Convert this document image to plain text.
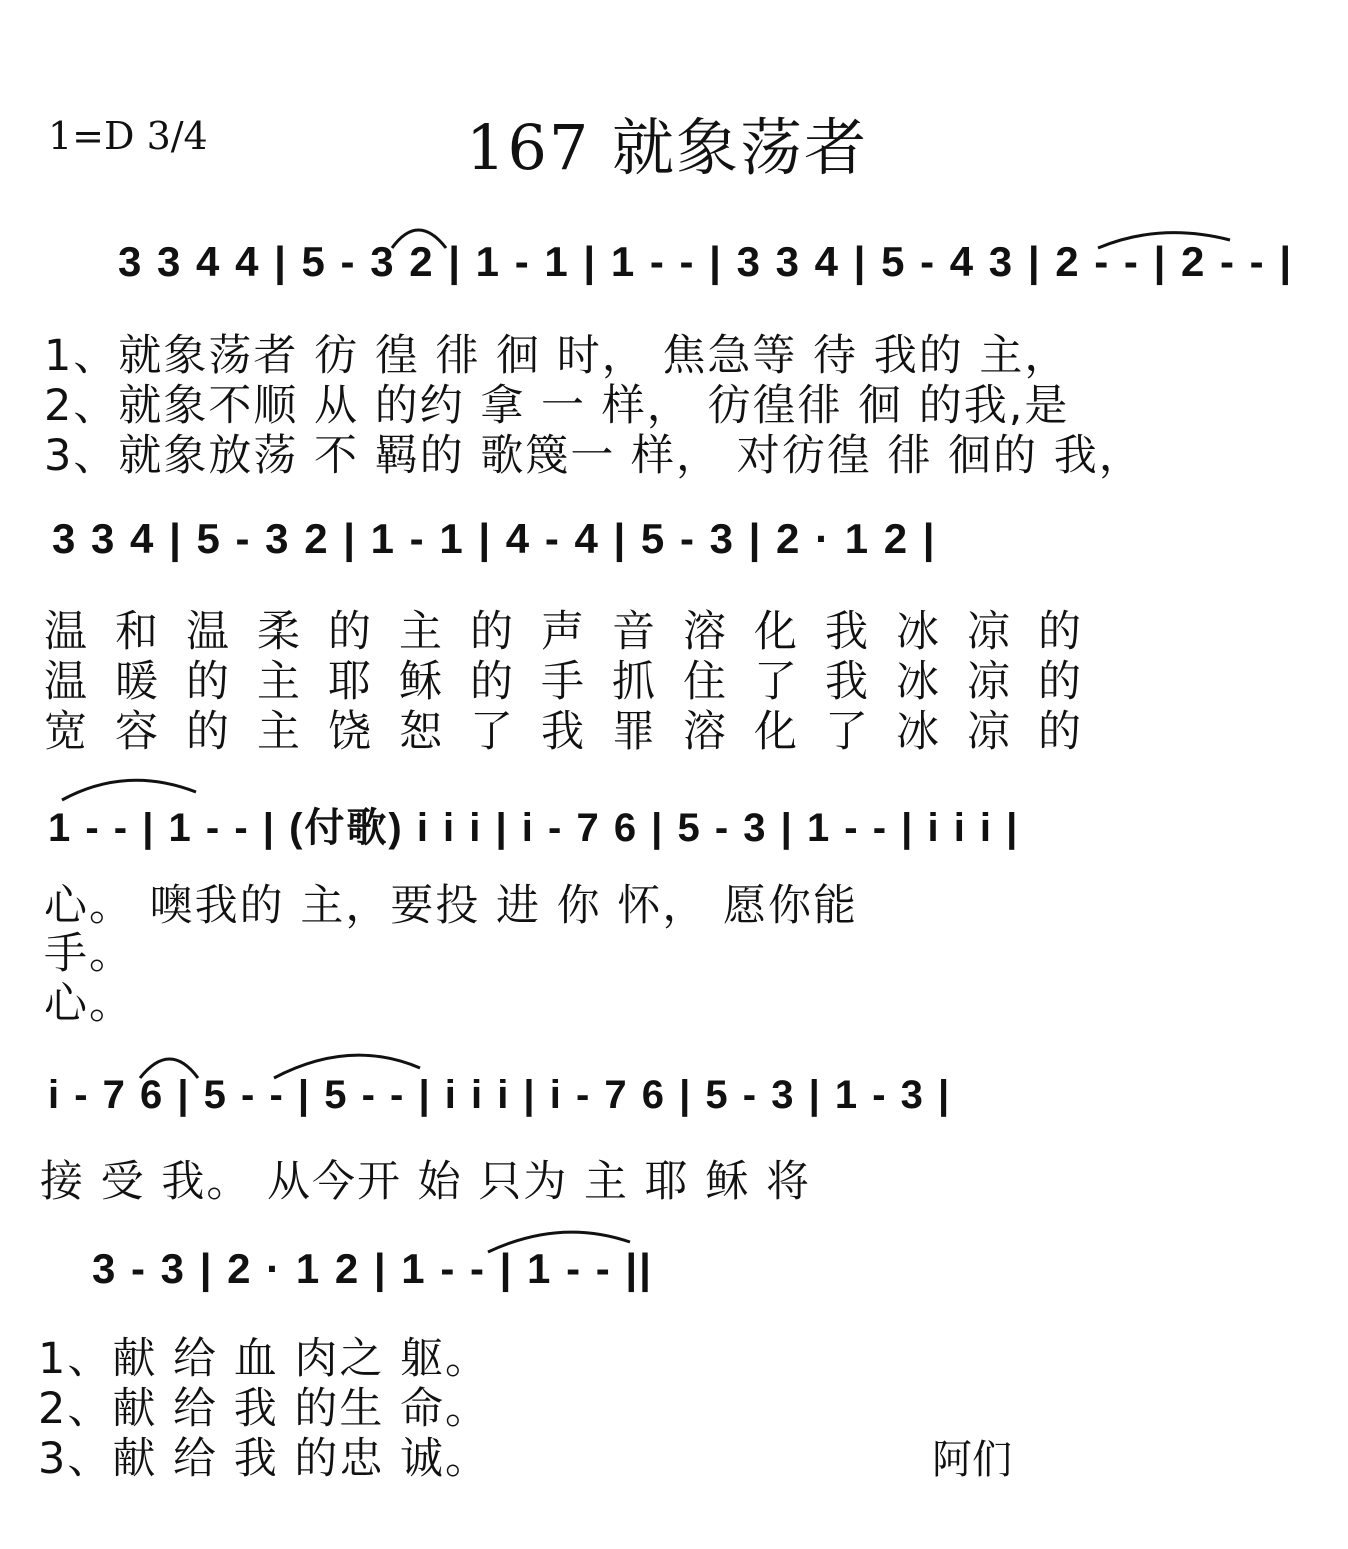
1=D 3/4	167 就象荡者
3 3 4 4 | 5 - 3 2 | 1 - 1 | 1 - - | 3 3 4 | 5 - 4 3 | 2 - - | 2 - - |
1、就象荡者 彷 徨 徘 徊 时， 焦急等 待 我的 主，
2、就象不顺 从 的约 拿 一 样， 彷徨徘 徊 的我,是
3、就象放荡 不 羁的 歌篾一 样， 对彷徨 徘 徊的 我，
3 3 4 | 5 - 3 2 | 1 - 1 | 4 - 4 | 5 - 3 | 2 · 1 2 |
温和温柔的主的声音溶化我冰凉的
温暖的主耶稣的手抓住了我冰凉的
宽容的主饶恕了我罪溶化了冰凉的
1 - - | 1 - - | (付歌) i i i | i - 7 6 | 5 - 3 | 1 - - | i i i |
心。 噢我的 主，要投 进 你 怀， 愿你能
手。
心。
i - 7 6 | 5 - - | 5 - - | i i i | i - 7 6 | 5 - 3 | 1 - 3 |
接 受 我。 从今开 始 只为 主 耶 稣 将
3 - 3 | 2 · 1 2 | 1 - - | 1 - - ||
1、献 给 血 肉之 躯。
2、献 给 我 的生 命。
3、献 给 我 的忠 诚。	阿们
